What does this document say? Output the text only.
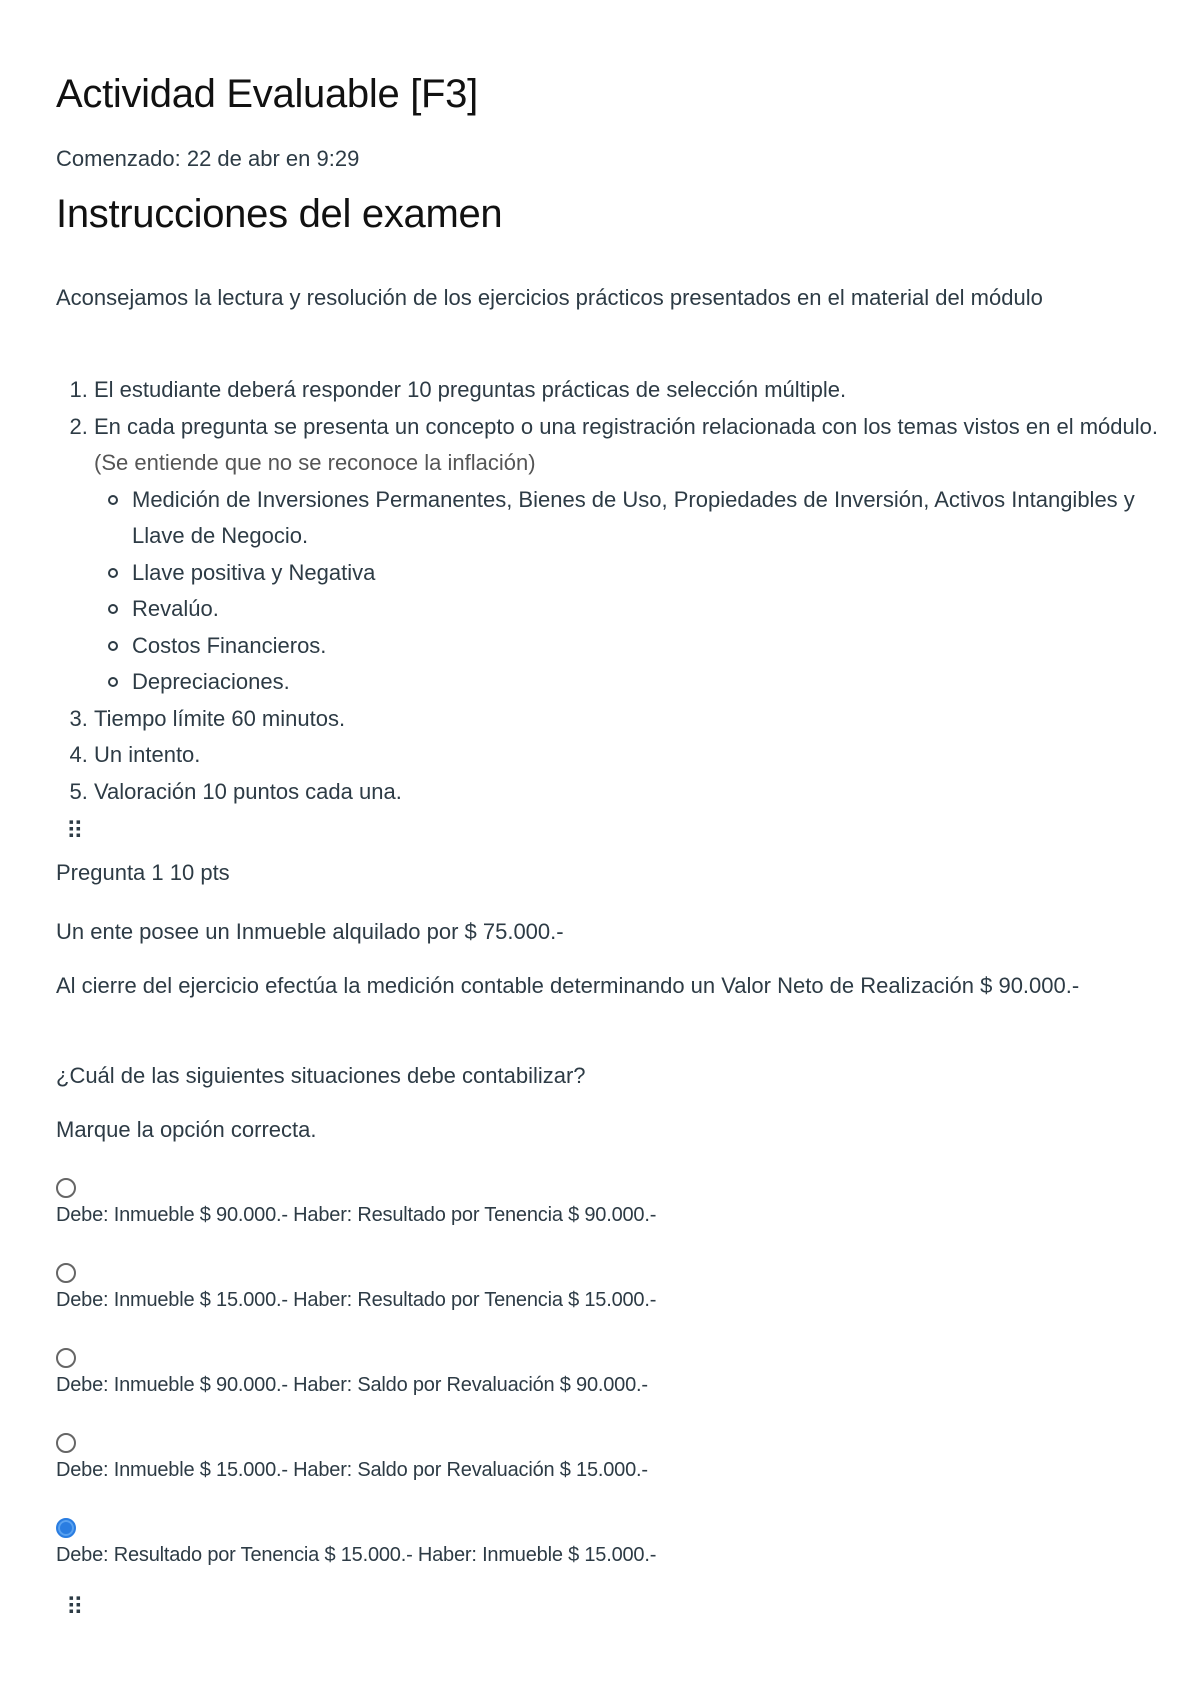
Actividad Evaluable [F3]
Comenzado: 22 de abr en 9:29
Instrucciones del examen

Aconsejamos la lectura y resolución de los ejercicios prácticos presentados en el material del módulo

1. El estudiante deberá responder 10 preguntas prácticas de selección múltiple.
2. En cada pregunta se presenta un concepto o una registración relacionada con los temas vistos en el módulo. (Se entiende que no se reconoce la inflación)
Medición de Inversiones Permanentes, Bienes de Uso, Propiedades de Inversión, Activos Intangibles y Llave de Negocio.
Llave positiva y Negativa
Revalúo.
Costos Financieros.
Depreciaciones.
3. Tiempo límite 60 minutos.
4. Un intento.
5. Valoración 10 puntos cada una.
⠿
Pregunta 1 10 pts

Un ente posee un Inmueble alquilado por $ 75.000.-

Al cierre del ejercicio efectúa la medición contable determinando un Valor Neto de Realización $ 90.000.-

¿Cuál de las siguientes situaciones debe contabilizar?

Marque la opción correcta.

Debe: Inmueble $ 90.000.- Haber: Resultado por Tenencia $ 90.000.-
Debe: Inmueble $ 15.000.- Haber: Resultado por Tenencia $ 15.000.-
Debe: Inmueble $ 90.000.- Haber: Saldo por Revaluación $ 90.000.-
Debe: Inmueble $ 15.000.- Haber: Saldo por Revaluación $ 15.000.-
Debe: Resultado por Tenencia $ 15.000.- Haber: Inmueble $ 15.000.-
⠿
